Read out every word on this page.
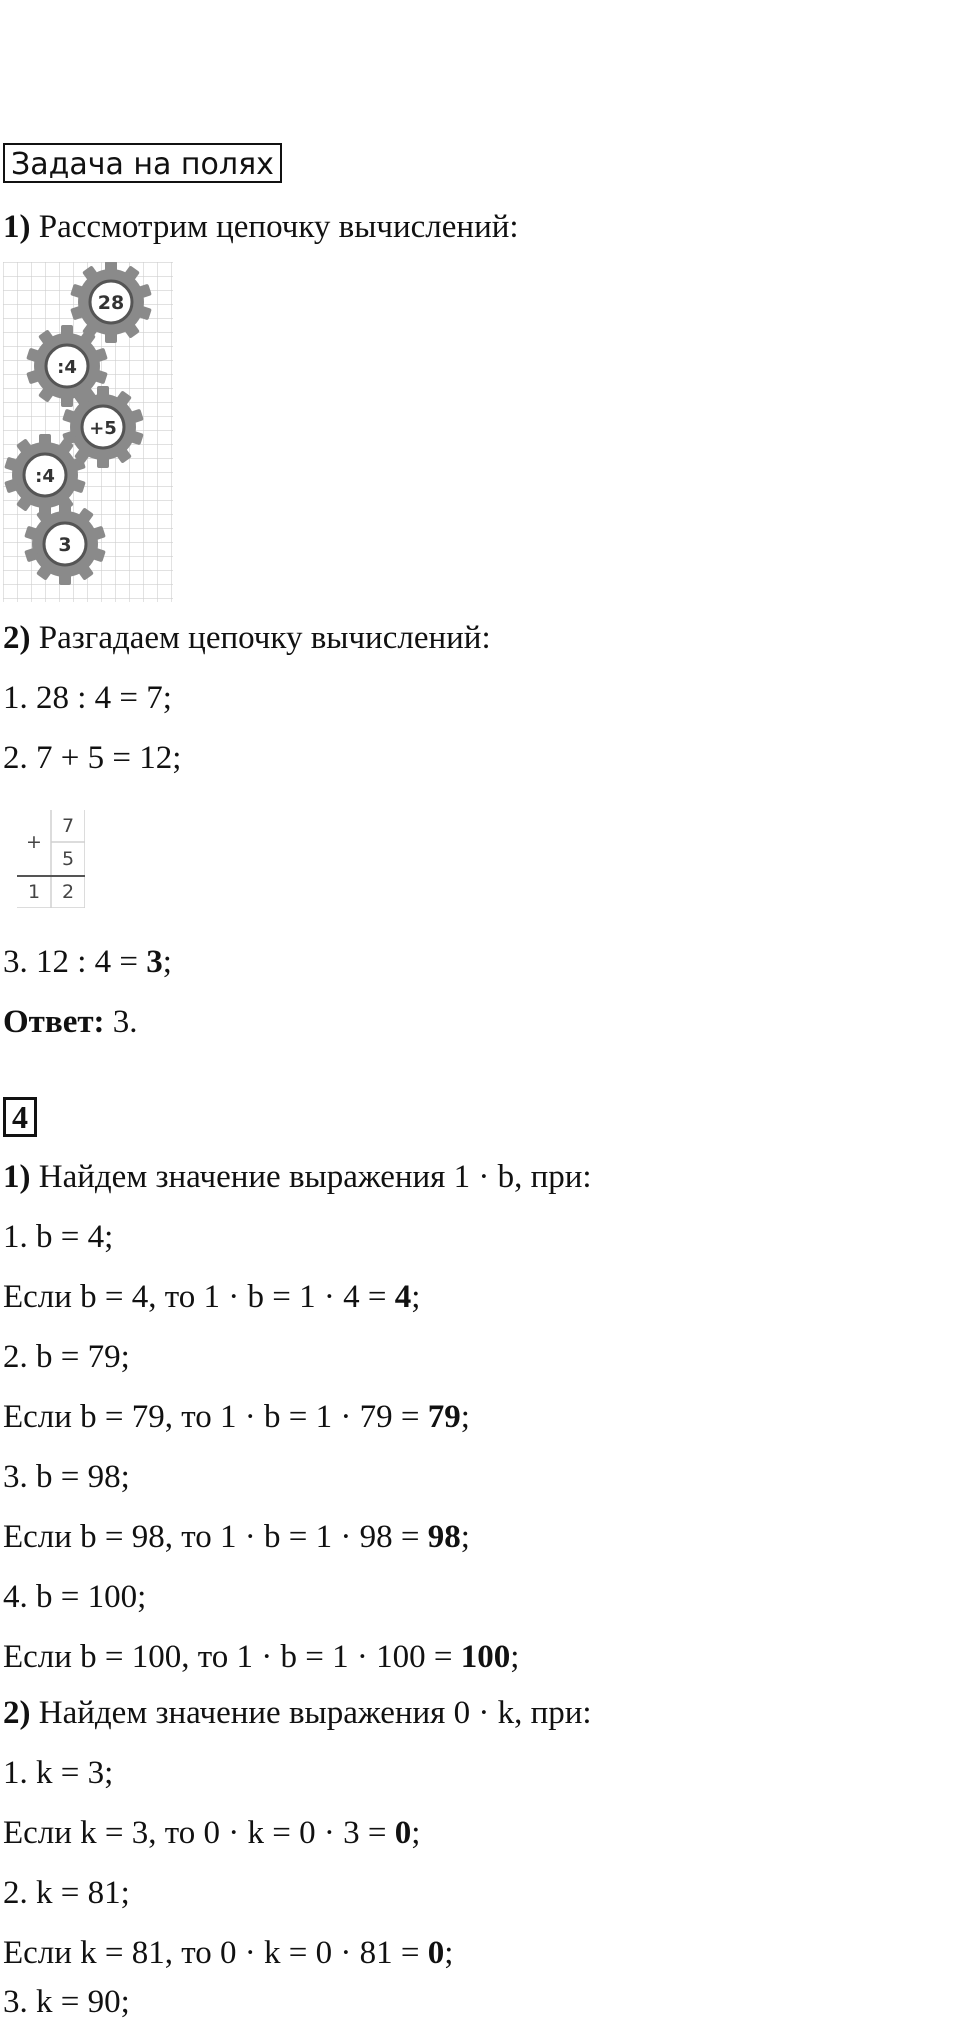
Задача на полях
1) Рассмотрим цепочку вычислений:
28
:4
+5
:4
3
2) Разгадаем цепочку вычислений:
1. 28 : 4 = 7;
2. 7 + 5 = 12;
+
7
5
1	2
3. 12 : 4 = 3;
Ответ: 3.
4
1) Найдем значение выражения 1 · b, при:
1. b = 4;
Если b = 4, то 1 · b = 1 · 4 = 4;
2. b = 79;
Если b = 79, то 1 · b = 1 · 79 = 79;
3. b = 98;
Если b = 98, то 1 · b = 1 · 98 = 98;
4. b = 100;
Если b = 100, то 1 · b = 1 · 100 = 100;
2) Найдем значение выражения 0 · k, при:
1. k = 3;
Если k = 3, то 0 · k = 0 · 3 = 0;
2. k = 81;
Если k = 81, то 0 · k = 0 · 81 = 0;
3. k = 90;
